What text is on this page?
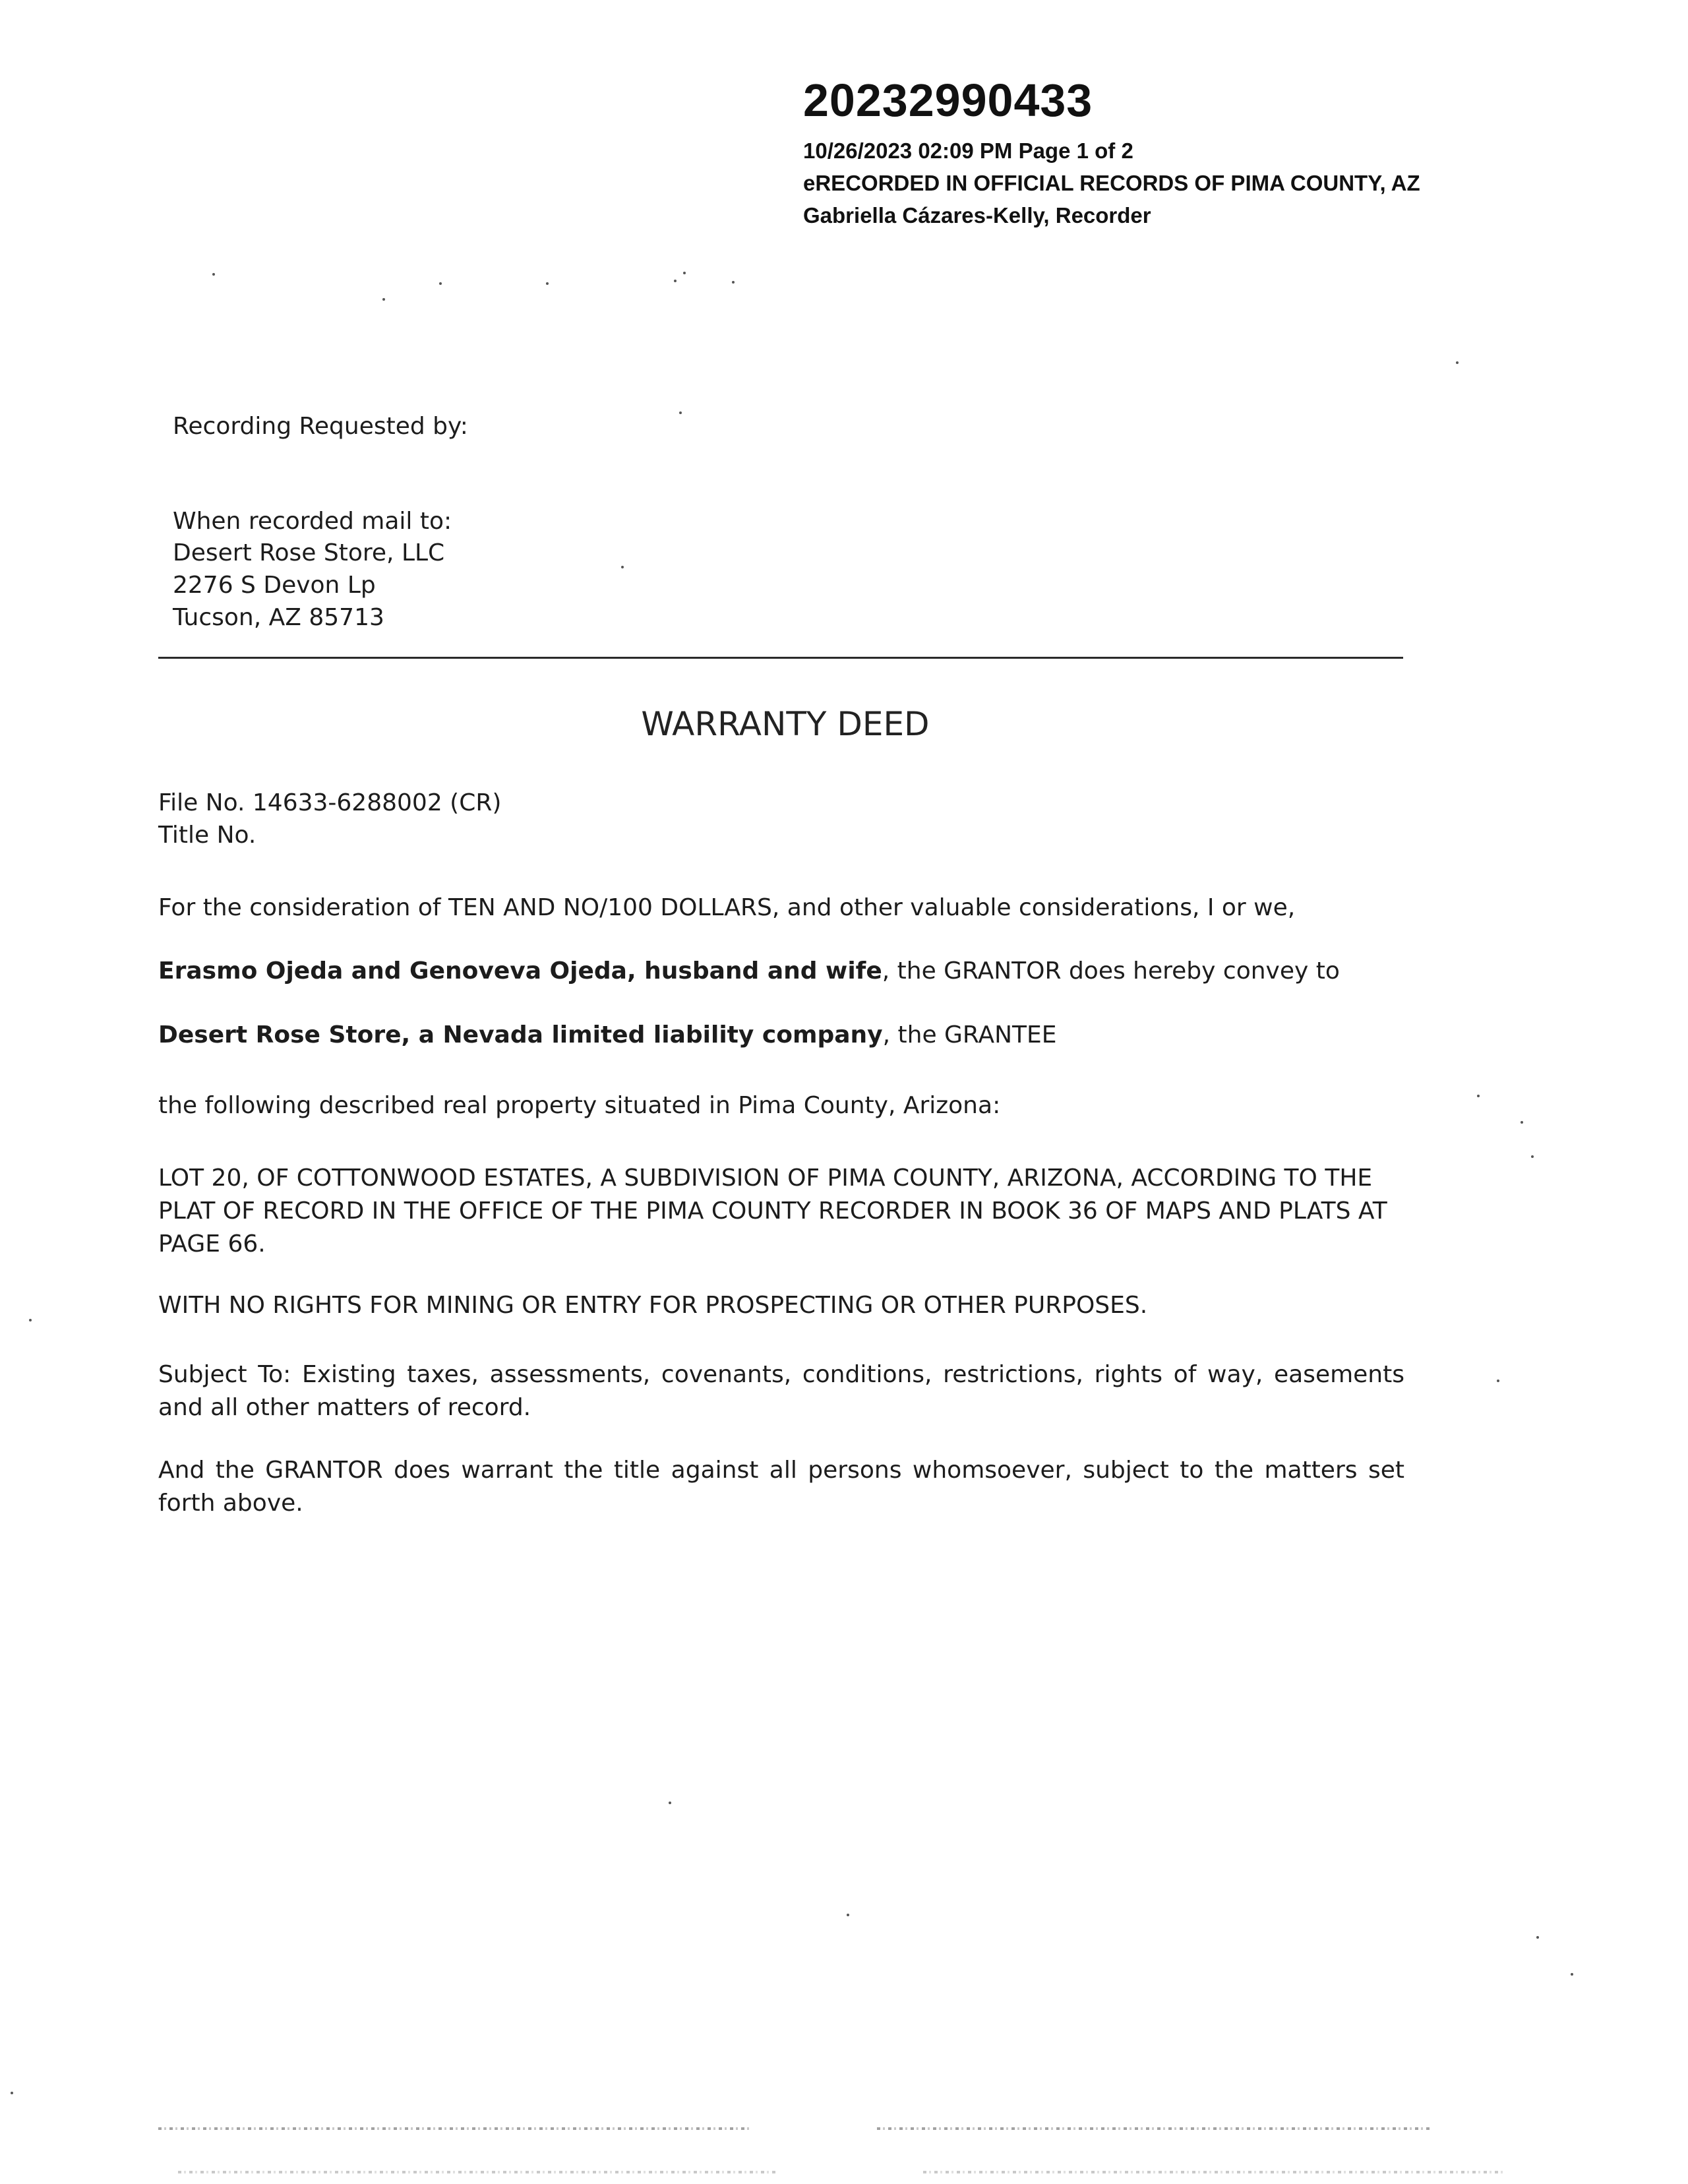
20232990433
10/26/2023 02:09 PM Page 1 of 2
eRECORDED IN OFFICIAL RECORDS OF PIMA COUNTY, AZ
Gabriella Cázares-Kelly, Recorder
Recording Requested by:
When recorded mail to:
Desert Rose Store, LLC
2276 S Devon Lp
Tucson, AZ 85713
WARRANTY DEED
File No. 14633-6288002 (CR)
Title No.

For the consideration of TEN AND NO/100 DOLLARS, and other valuable considerations, I or we,

Erasmo Ojeda and Genoveva Ojeda, husband and wife, the GRANTOR does hereby convey to

Desert Rose Store, a Nevada limited liability company, the GRANTEE

the following described real property situated in Pima County, Arizona:

LOT 20, OF COTTONWOOD ESTATES, A SUBDIVISION OF PIMA COUNTY, ARIZONA, ACCORDING TO THE PLAT OF RECORD IN THE OFFICE OF THE PIMA COUNTY RECORDER IN BOOK 36 OF MAPS AND PLATS AT PAGE 66.

WITH NO RIGHTS FOR MINING OR ENTRY FOR PROSPECTING OR OTHER PURPOSES.

Subject To: Existing taxes, assessments, covenants, conditions, restrictions, rights of way, easements and all other matters of record.

And the GRANTOR does warrant the title against all persons whomsoever, subject to the matters set forth above.
